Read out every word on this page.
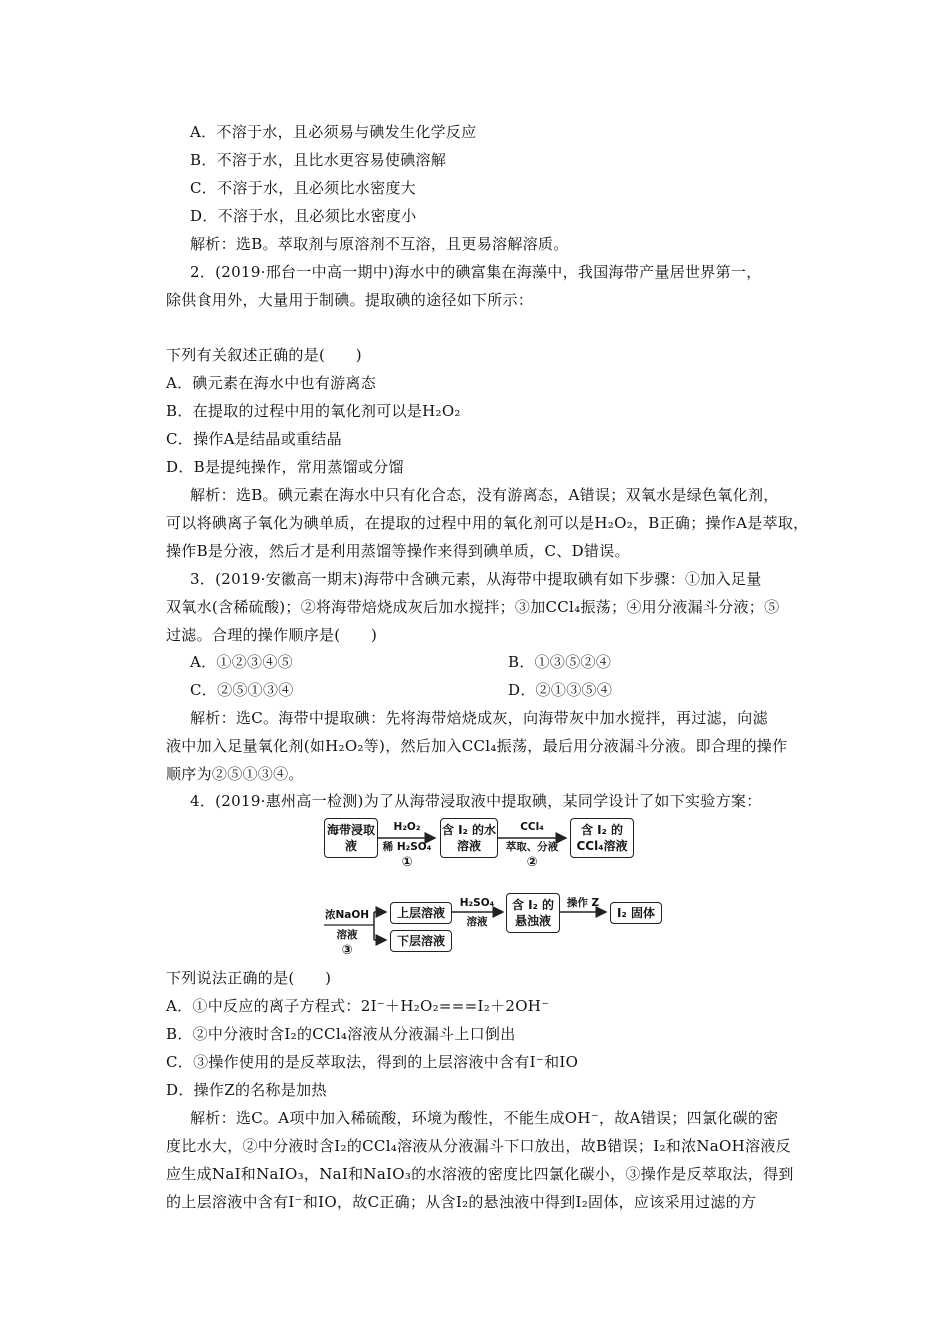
A．不溶于水，且必须易与碘发生化学反应
B．不溶于水，且比水更容易使碘溶解
C．不溶于水，且必须比水密度大
D．不溶于水，且必须比水密度小
解析：选B。萃取剂与原溶剂不互溶，且更易溶解溶质。
2．(2019·邢台一中高一期中)海水中的碘富集在海藻中，我国海带产量居世界第一，
除供食用外，大量用于制碘。提取碘的途径如下所示：
下列有关叙述正确的是(　　)
A．碘元素在海水中也有游离态
B．在提取的过程中用的氧化剂可以是H₂O₂
C．操作A是结晶或重结晶
D．B是提纯操作，常用蒸馏或分馏
解析：选B。碘元素在海水中只有化合态，没有游离态，A错误；双氧水是绿色氧化剂，
可以将碘离子氧化为碘单质，在提取的过程中用的氧化剂可以是H₂O₂，B正确；操作A是萃取，
操作B是分液，然后才是利用蒸馏等操作来得到碘单质，C、D错误。
3．(2019·安徽高一期末)海带中含碘元素，从海带中提取碘有如下步骤：①加入足量
双氧水(含稀硫酸)；②将海带焙烧成灰后加水搅拌；③加CCl₄振荡；④用分液漏斗分液；⑤
过滤。合理的操作顺序是(　　)
A．①②③④⑤	B．①③⑤②④
C．②⑤①③④	D．②①③⑤④
解析：选C。海带中提取碘：先将海带焙烧成灰，向海带灰中加水搅拌，再过滤，向滤
液中加入足量氧化剂(如H₂O₂等)，然后加入CCl₄振荡，最后用分液漏斗分液。即合理的操作
顺序为②⑤①③④。
4．(2019·惠州高一检测)为了从海带浸取液中提取碘，某同学设计了如下实验方案：
海带浸取液
H₂O₂
稀 H₂SO₄
①
含 I₂ 的水溶液
CCl₄
萃取、分液
②
含 I₂ 的CCl₄溶液
浓NaOH
溶液
③
上层溶液
下层溶液
H₂SO₄
溶液
含 I₂ 的悬浊液
操作 Z
I₂ 固体
下列说法正确的是(　　)
A．①中反应的离子方程式：2I⁻＋H₂O₂===I₂＋2OH⁻
B．②中分液时含I₂的CCl₄溶液从分液漏斗上口倒出
C．③操作使用的是反萃取法，得到的上层溶液中含有I⁻和IO
D．操作Z的名称是加热
解析：选C。A项中加入稀硫酸，环境为酸性，不能生成OH⁻，故A错误；四氯化碳的密
度比水大，②中分液时含I₂的CCl₄溶液从分液漏斗下口放出，故B错误；I₂和浓NaOH溶液反
应生成NaI和NaIO₃，NaI和NaIO₃的水溶液的密度比四氯化碳小，③操作是反萃取法，得到
的上层溶液中含有I⁻和IO，故C正确；从含I₂的悬浊液中得到I₂固体，应该采用过滤的方
